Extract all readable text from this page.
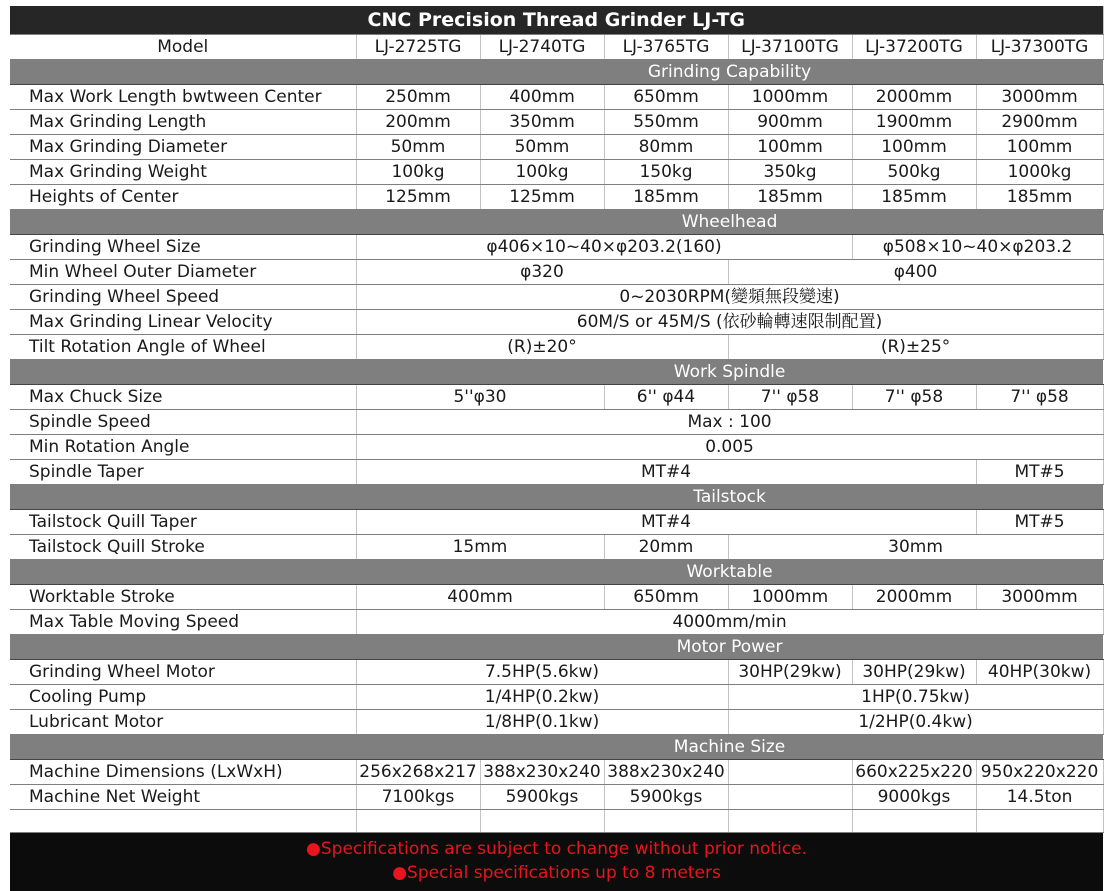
CNC Precision Thread Grinder LJ-TG						
Model	LJ-2725TG	LJ-2740TG	LJ-3765TG	LJ-37100TG	LJ-37200TG	LJ-37300TG
	Grinding Capability					
Max Work Length bwtween Center	250mm	400mm	650mm	1000mm	2000mm	3000mm
Max Grinding Length	200mm	350mm	550mm	900mm	1900mm	2900mm
Max Grinding Diameter	50mm	50mm	80mm	100mm	100mm	100mm
Max Grinding Weight	100kg	100kg	150kg	350kg	500kg	1000kg
Heights of Center	125mm	125mm	185mm	185mm	185mm	185mm
	Wheelhead					
Grinding Wheel Size	φ406×10~40×φ203.2(160)				φ508×10~40×φ203.2	
Min Wheel Outer Diameter	φ320			φ400		
Grinding Wheel Speed	0~2030RPM(變頻無段變速)					
Max Grinding Linear Velocity	60M/S or 45M/S (依砂輪轉速限制配置)					
Tilt Rotation Angle of Wheel	(R)±20°			(R)±25°		
	Work Spindle					
Max Chuck Size	5''φ30		6'' φ44	7'' φ58	7'' φ58	7'' φ58
Spindle Speed	Max : 100					
Min Rotation Angle	0.005					
Spindle Taper	MT#4					MT#5
	Tailstock					
Tailstock Quill Taper	MT#4					MT#5
Tailstock Quill Stroke	15mm		20mm	30mm		
	Worktable					
Worktable Stroke	400mm		650mm	1000mm	2000mm	3000mm
Max Table Moving Speed	4000mm/min					
	Motor Power					
Grinding Wheel Motor	7.5HP(5.6kw)			30HP(29kw)	30HP(29kw)	40HP(30kw)
Cooling Pump	1/4HP(0.2kw)			1HP(0.75kw)		
Lubricant Motor	1/8HP(0.1kw)			1/2HP(0.4kw)		
	Machine Size					
Machine Dimensions (LxWxH)	256x268x217	388x230x240	388x230x240		660x225x220	950x220x220
Machine Net Weight	7100kgs	5900kgs	5900kgs		9000kgs	14.5ton

●Specifications are subject to change without prior notice.						
●Special specifications up to 8 meters						
